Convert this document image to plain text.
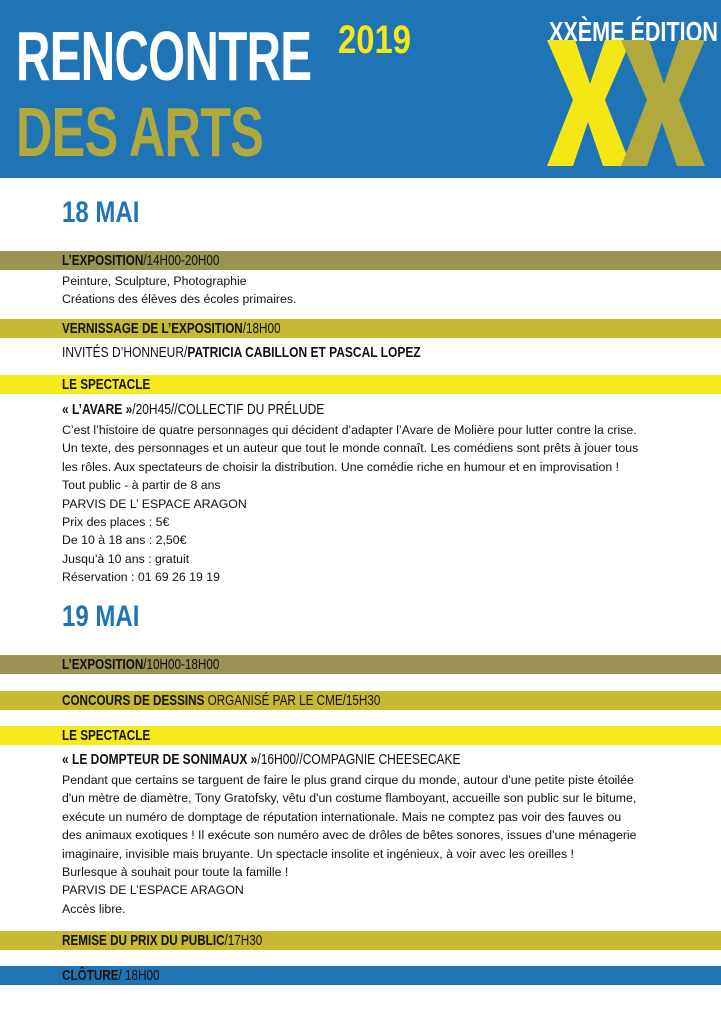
RENCONTRE 2019
DES ARTS
XXÈME ÉDITION
18 MAI
L’EXPOSITION/14H00-20H00
Peinture, Sculpture, Photographie
Créations des élèves des écoles primaires.
VERNISSAGE DE L’EXPOSITION/18H00
INVITÉS D’HONNEUR/PATRICIA CABILLON ET PASCAL LOPEZ
LE SPECTACLE
« L’AVARE »/20H45//COLLECTIF DU PRÉLUDE
C’est l’histoire de quatre personnages qui décident d’adapter l’Avare de Molière pour lutter contre la crise.
Un texte, des personnages et un auteur que tout le monde connaît. Les comédiens sont prêts à jouer tous
les rôles. Aux spectateurs de choisir la distribution. Une comédie riche en humour et en improvisation !
Tout public - à partir de 8 ans
PARVIS DE L’ ESPACE ARAGON
Prix des places : 5€
De 10 à 18 ans : 2,50€
Jusqu’à 10 ans : gratuit
Réservation : 01 69 26 19 19
19 MAI
L’EXPOSITION/10H00-18H00
CONCOURS DE DESSINS ORGANISÉ PAR LE CME/15H30
LE SPECTACLE
« LE DOMPTEUR DE SONIMAUX »/16H00//COMPAGNIE CHEESECAKE
Pendant que certains se targuent de faire le plus grand cirque du monde, autour d'une petite piste étoilée
d'un mètre de diamètre, Tony Gratofsky, vêtu d'un costume flamboyant, accueille son public sur le bitume,
exécute un numéro de domptage de réputation internationale. Mais ne comptez pas voir des fauves ou
des animaux exotiques ! Il exécute son numéro avec de drôles de bêtes sonores, issues d'une ménagerie
imaginaire, invisible mais bruyante. Un spectacle insolite et ingénieux, à voir avec les oreilles !
Burlesque à souhait pour toute la famille !
PARVIS DE L’ESPACE ARAGON
Accès libre.
REMISE DU PRIX DU PUBLIC/17H30
CLÔTURE/ 18H00
